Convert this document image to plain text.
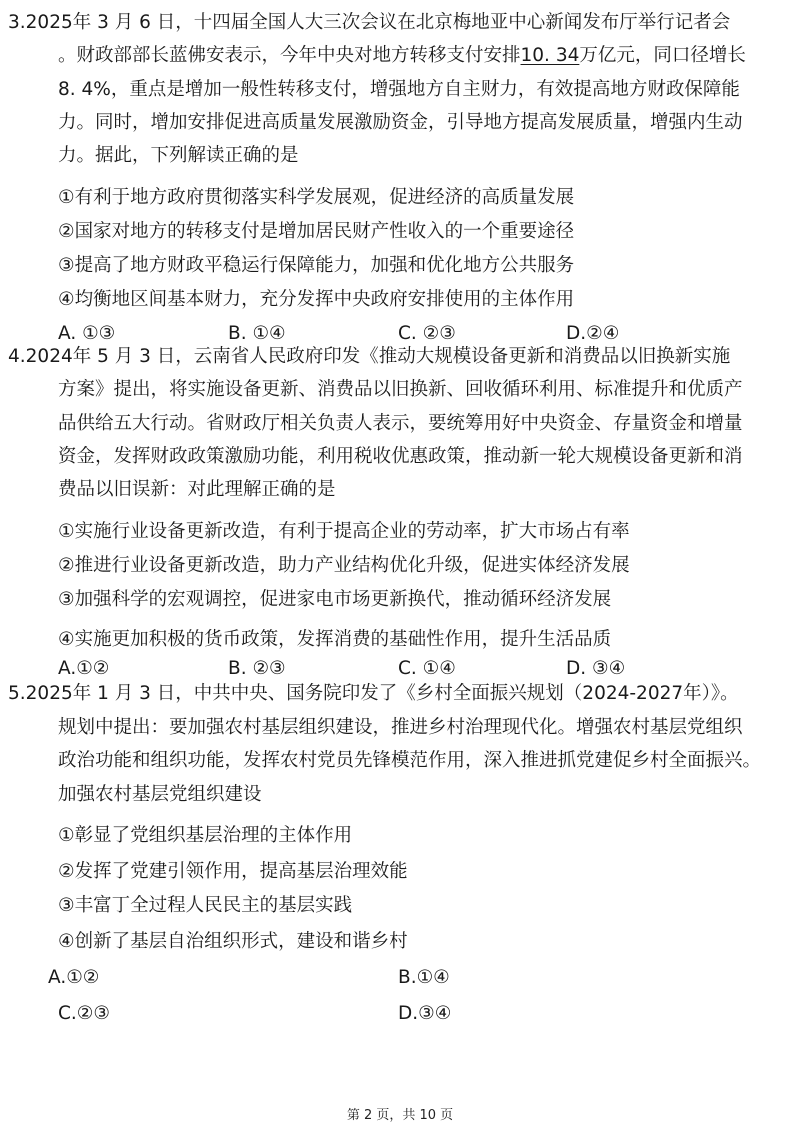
3.2025年 3 月 6 日，十四届全国人大三次会议在北京梅地亚中心新闻发布厅举行记者会
。财政部部长蓝佛安表示，今年中央对地方转移支付安排10. 34万亿元，同口径增长
8. 4%，重点是增加一般性转移支付，增强地方自主财力，有效提高地方财政保障能
力。同时，增加安排促进高质量发展激励资金，引导地方提高发展质量，增强内生动
力。据此，下列解读正确的是
①有利于地方政府贯彻落实科学发展观，促进经济的高质量发展
②国家对地方的转移支付是增加居民财产性收入的一个重要途径
③提高了地方财政平稳运行保障能力，加强和优化地方公共服务
④均衡地区间基本财力，充分发挥中央政府安排使用的主体作用
A. ①③	B. ①④	C. ②③	D.②④
4.2024年 5 月 3 日，云南省人民政府印发《推动大规模设备更新和消费品以旧换新实施
方案》提出，将实施设备更新、消费品以旧换新、回收循环利用、标准提升和优质产
品供给五大行动。省财政厅相关负责人表示，要统筹用好中央资金、存量资金和增量
资金，发挥财政政策激励功能，利用税收优惠政策，推动新一轮大规模设备更新和消
费品以旧误新：对此理解正确的是
①实施行业设备更新改造，有利于提高企业的劳动率，扩大市场占有率
②推进行业设备更新改造，助力产业结构优化升级，促进实体经济发展
③加强科学的宏观调控，促进家电市场更新换代，推动循环经济发展
④实施更加积极的货币政策，发挥消费的基础性作用，提升生活品质
A.①②	B. ②③	C. ①④	D. ③④
5.2025年 1 月 3 日，中共中央、国务院印发了《乡村全面振兴规划（2024-2027年）》。
规划中提出：要加强农村基层组织建设，推进乡村治理现代化。增强农村基层党组织
政治功能和组织功能，发挥农村党员先锋模范作用，深入推进抓党建促乡村全面振兴。
加强农村基层党组织建设
①彰显了党组织基层治理的主体作用
②发挥了党建引领作用，提高基层治理效能
③丰富丁全过程人民民主的基层实践
④创新了基层自治组织形式，建设和谐乡村
A.①②	B.①④
C.②③	D.③④
第 2 页，共 10 页
